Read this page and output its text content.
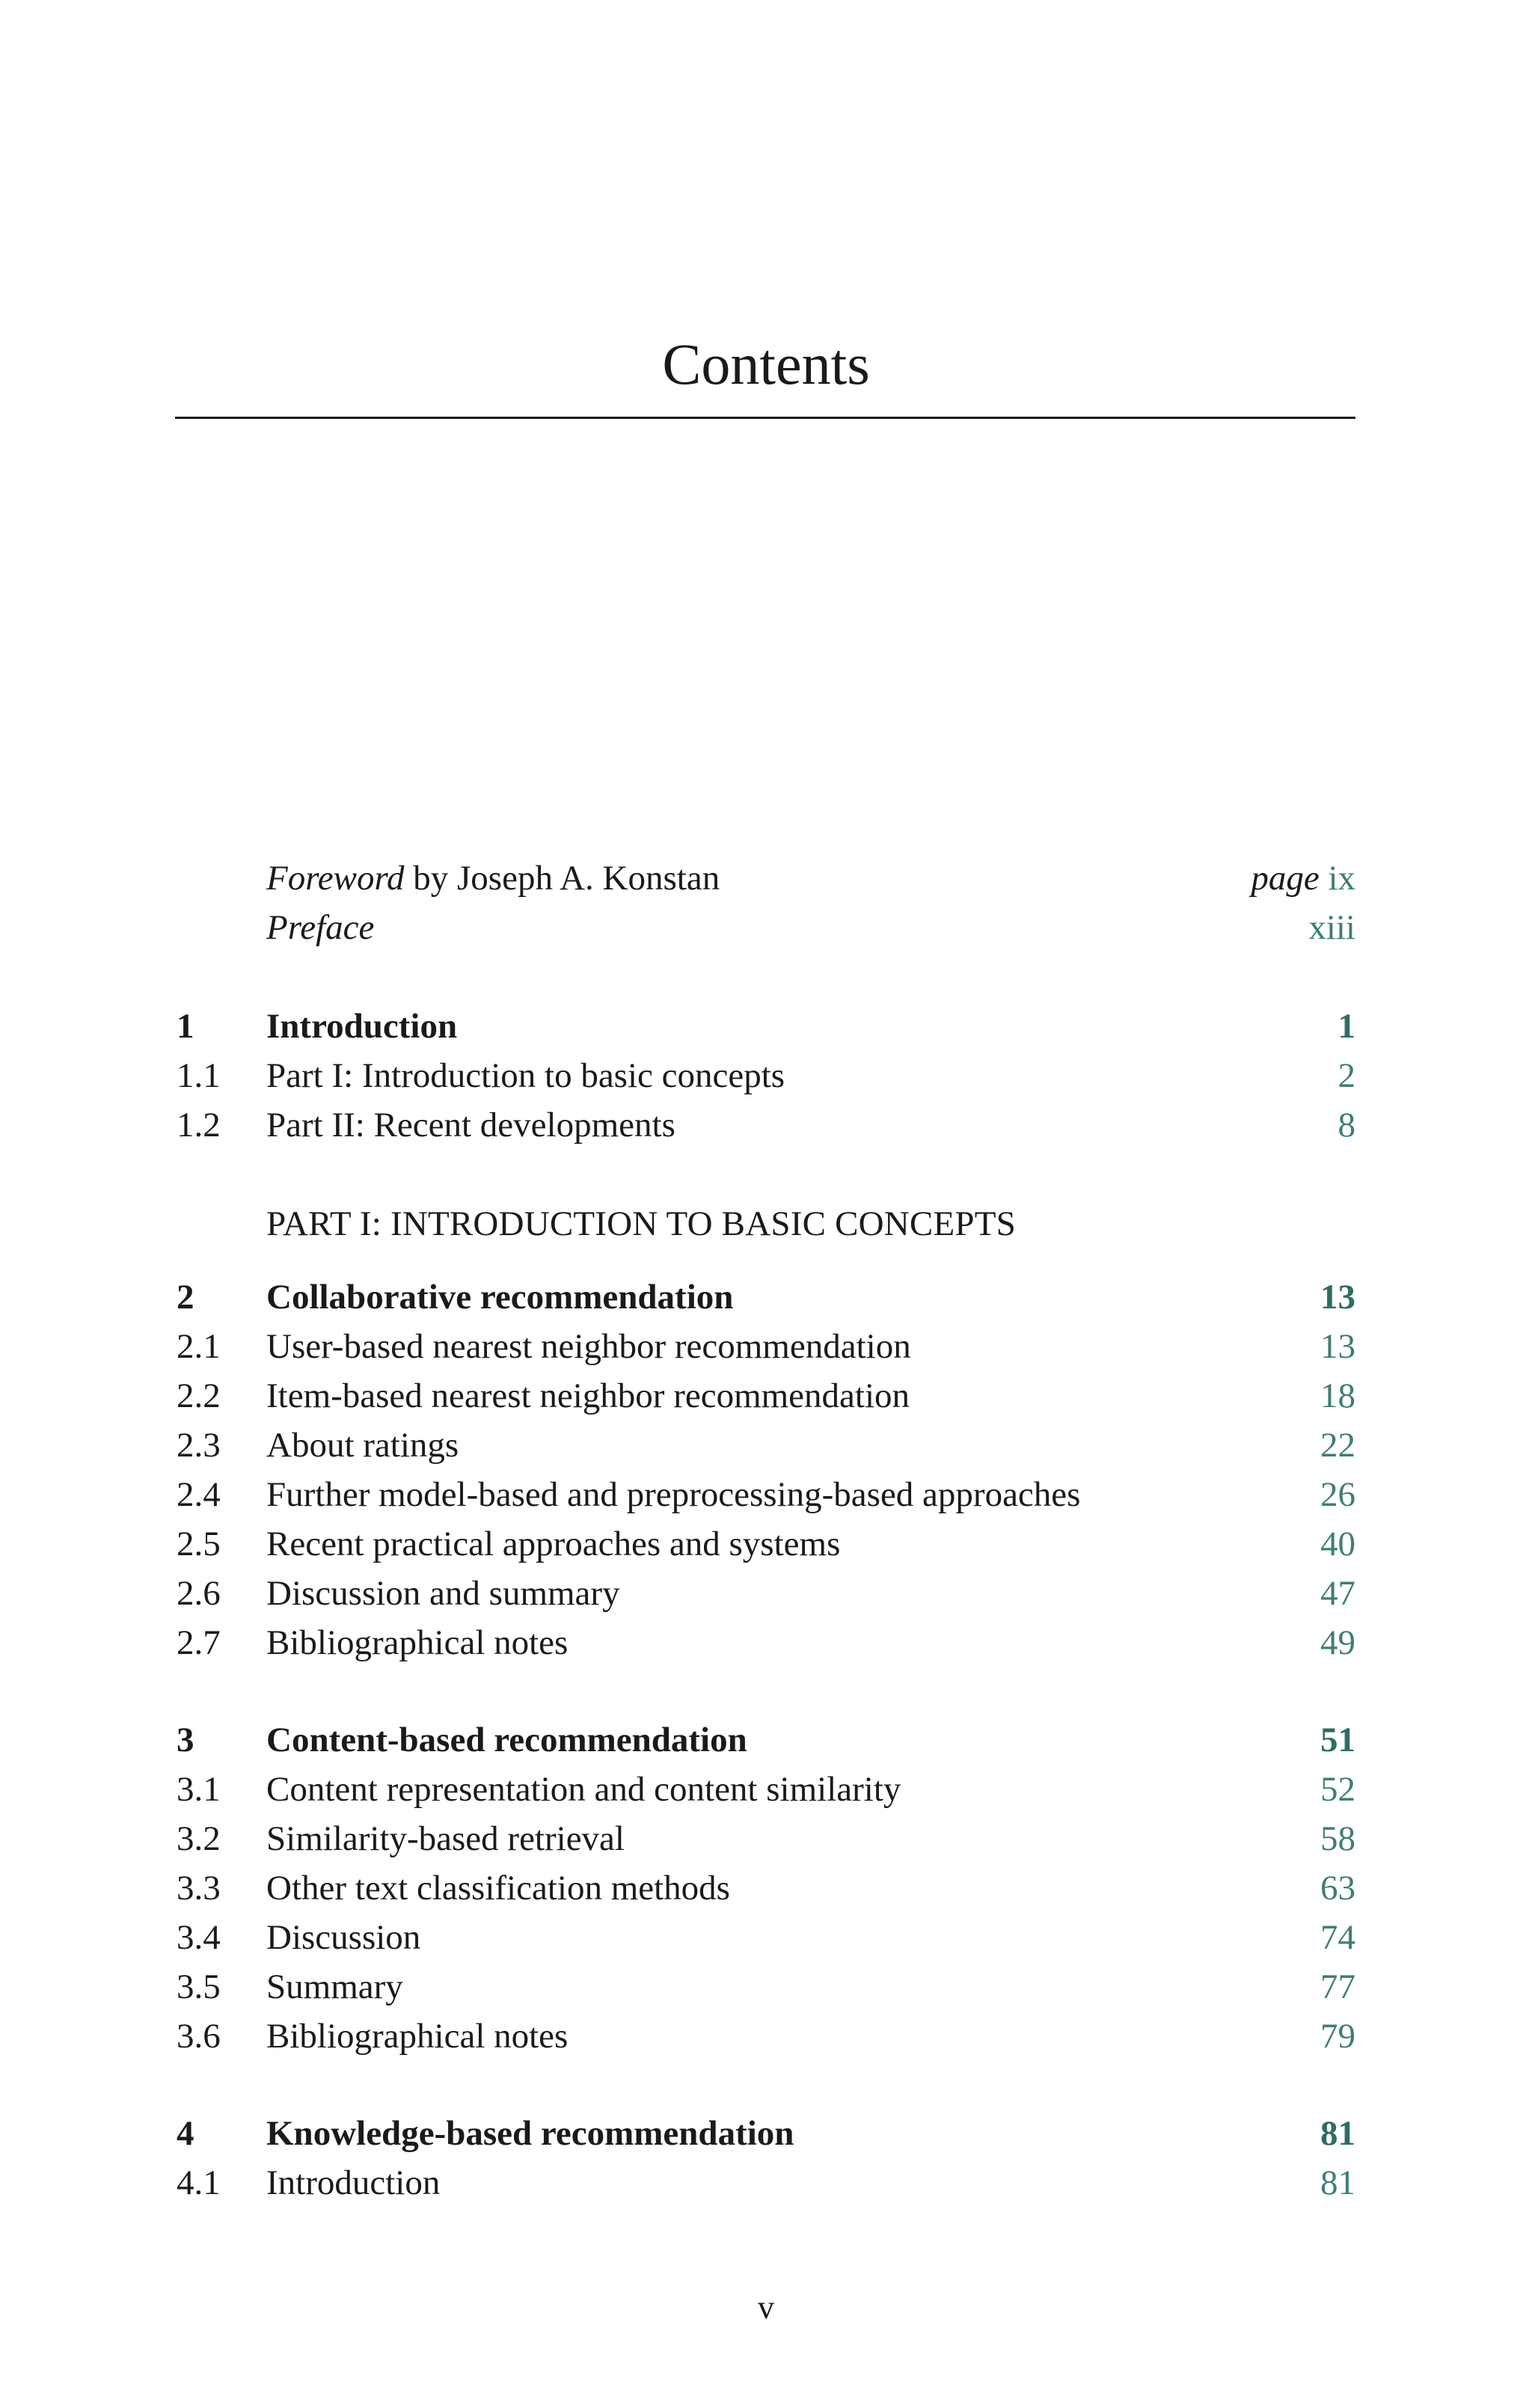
Contents
Foreword by Joseph A. Konstan	page ix
Preface	xiii
1 Introduction	1
1.1 Part I: Introduction to basic concepts	2
1.2 Part II: Recent developments	8
PART I: INTRODUCTION TO BASIC CONCEPTS
2 Collaborative recommendation	13
2.1 User-based nearest neighbor recommendation	13
2.2 Item-based nearest neighbor recommendation	18
2.3 About ratings	22
2.4 Further model-based and preprocessing-based approaches	26
2.5 Recent practical approaches and systems	40
2.6 Discussion and summary	47
2.7 Bibliographical notes	49
3 Content-based recommendation	51
3.1 Content representation and content similarity	52
3.2 Similarity-based retrieval	58
3.3 Other text classification methods	63
3.4 Discussion	74
3.5 Summary	77
3.6 Bibliographical notes	79
4 Knowledge-based recommendation	81
4.1 Introduction	81
v
